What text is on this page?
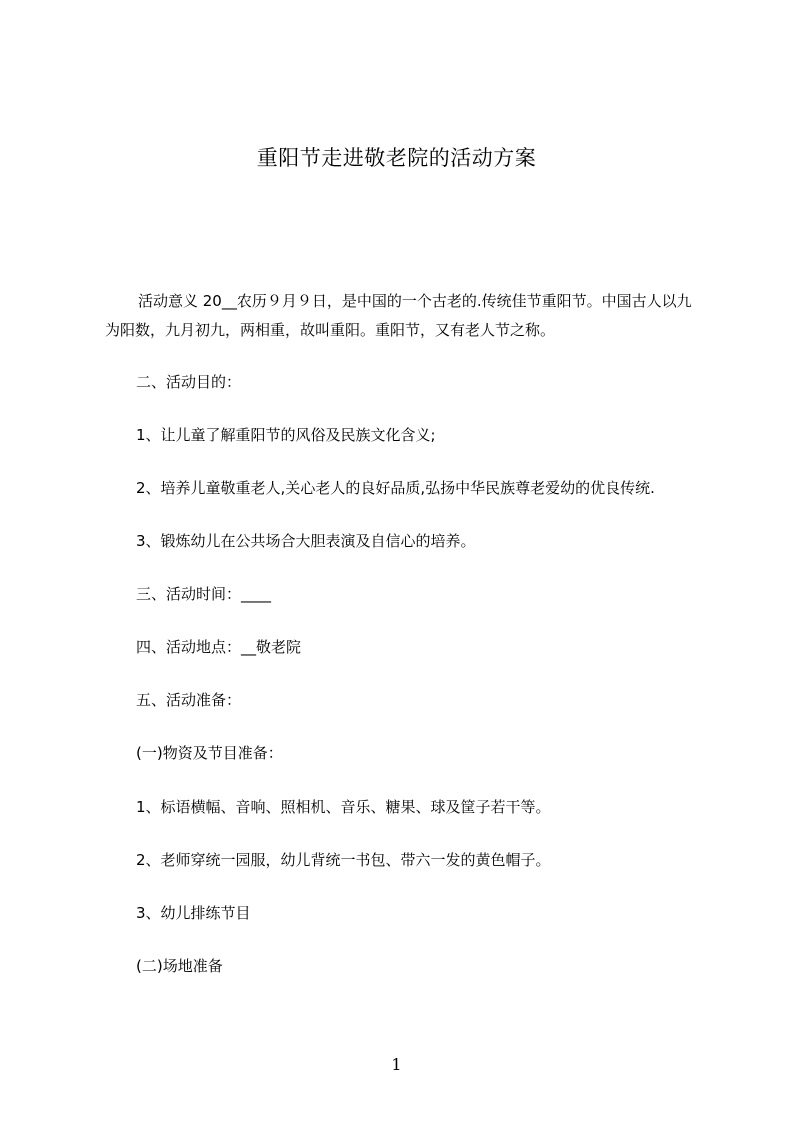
重阳节走进敬老院的活动方案

活动意义 20__农历９月９日，是中国的一个古老的.传统佳节重阳节。中国古人以九为阳数，九月初九，两相重，故叫重阳。重阳节，又有老人节之称。

二、活动目的：

1、让儿童了解重阳节的风俗及民族文化含义;

2、培养儿童敬重老人,关心老人的良好品质,弘扬中华民族尊老爱幼的优良传统.

3、锻炼幼儿在公共场合大胆表演及自信心的培养。

三、活动时间：____

四、活动地点：__敬老院

五、活动准备：

(一)物资及节目准备：

1、标语横幅、音响、照相机、音乐、糖果、球及筐子若干等。

2、老师穿统一园服，幼儿背统一书包、带六一发的黄色帽子。

3、幼儿排练节目

(二)场地准备

1
